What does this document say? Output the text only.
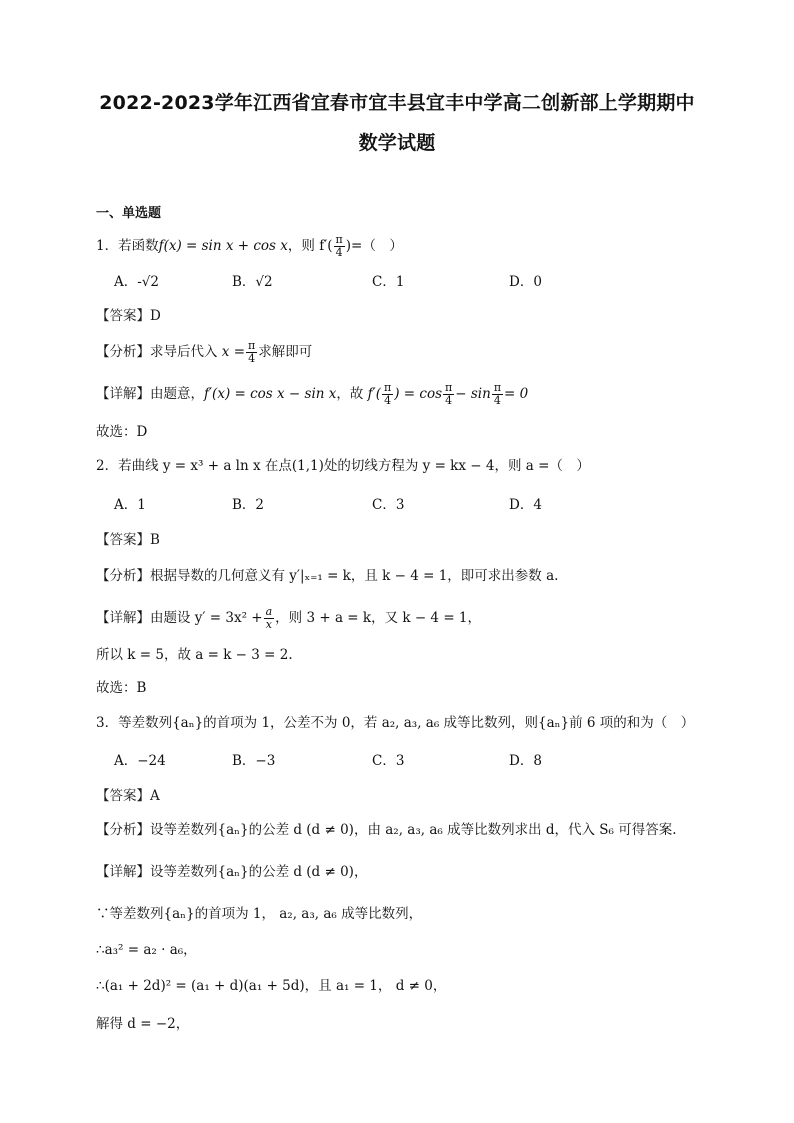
2022-2023学年江西省宜春市宜丰县宜丰中学高二创新部上学期期中
数学试题
一、单选题
1．若函数f(x) = sin x + cos x，则 $f'( \frac{\pi}{4}$ )=（　）
A．-√2	B．√2	C．1	D．0
【答案】D
【分析】求导后代入 $x = \frac{\pi}{4}$ 求解即可
【详解】由题意，f′(x) = cos x − sin x，故 $f'( \frac{\pi}{4}$ ) = $\cos \frac{\pi}{4} - \sin \frac{\pi}{4} = 0$
故选：D
2．若曲线 y = x³ + a ln x 在点(1,1)处的切线方程为 y = kx − 4，则 a =（　）
A．1	B．2	C．3	D．4
【答案】B
【分析】根据导数的几何意义有 y′|ₓ₌₁ = k，且 k − 4 = 1，即可求出参数 a.
【详解】由题设 $y' = 3x^2 + \frac{a}{x}$ ，则 3 + a = k，又 k − 4 = 1，
所以 k = 5，故 a = k − 3 = 2.
故选：B
3．等差数列{aₙ}的首项为 1，公差不为 0，若 a₂, a₃, a₆ 成等比数列，则{aₙ}前 6 项的和为（　）
A．−24	B．−3	C．3	D．8
【答案】A
【分析】设等差数列{aₙ}的公差 d (d ≠ 0)，由 a₂, a₃, a₆ 成等比数列求出 d，代入 S₆ 可得答案.
【详解】设等差数列{aₙ}的公差 d (d ≠ 0)，
∵等差数列{aₙ}的首项为 1， a₂, a₃, a₆ 成等比数列，
∴a₃² = a₂ · a₆，
∴(a₁ + 2d)² = (a₁ + d)(a₁ + 5d)，且 a₁ = 1， d ≠ 0，
解得 d = −2，
